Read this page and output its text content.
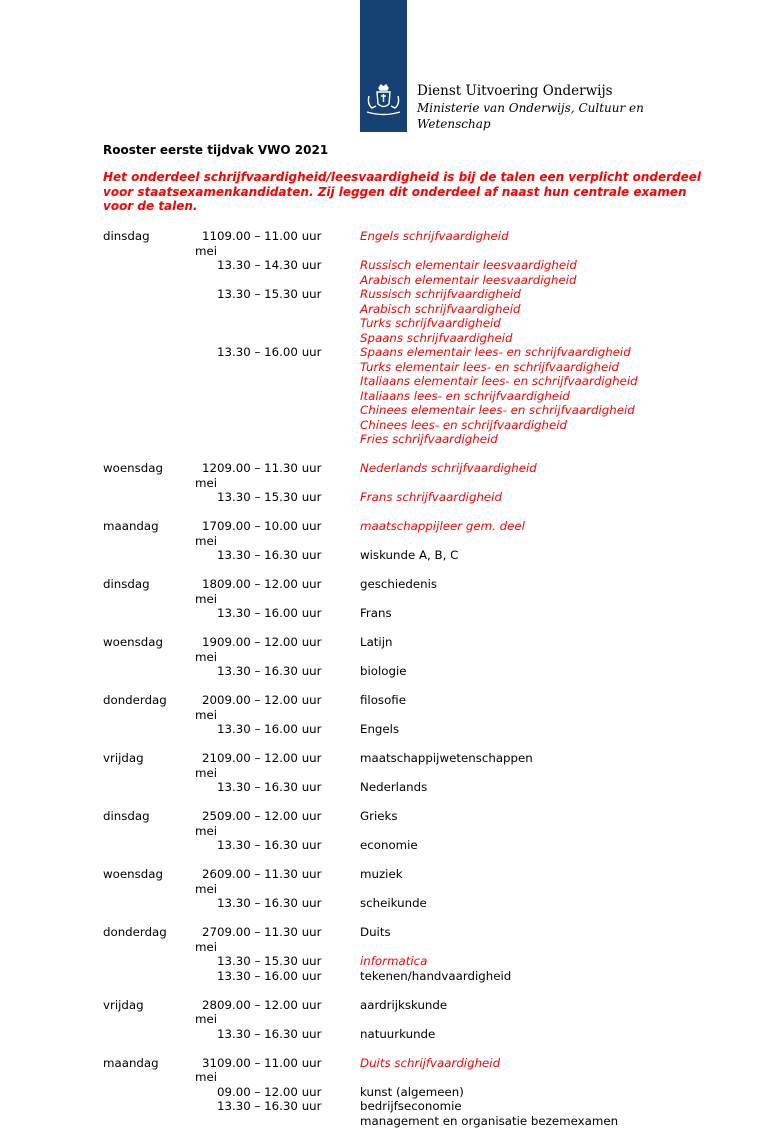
Dienst Uitvoering Onderwijs
Ministerie van Onderwijs, Cultuur en
Wetenschap
Rooster eerste tijdvak VWO 2021
Het onderdeel schrijfvaardigheid/leesvaardigheid is bij de talen een verplicht onderdeel voor staatsexamenkandidaten. Zij leggen dit onderdeel af naast hun centrale examen voor de talen.
dinsdag	11 mei
09.00 – 11.00 uur	Engels schrijfvaardigheid
13.30 – 14.30 uur	Russisch elementair leesvaardigheid
Arabisch elementair leesvaardigheid
13.30 – 15.30 uur	Russisch schrijfvaardigheid
Arabisch schrijfvaardigheid
Turks schrijfvaardigheid
Spaans schrijfvaardigheid
13.30 – 16.00 uur	Spaans elementair lees- en schrijfvaardigheid
Turks elementair lees- en schrijfvaardigheid
Italiaans elementair lees- en schrijfvaardigheid
Italiaans lees- en schrijfvaardigheid
Chinees elementair lees- en schrijfvaardigheid
Chinees lees- en schrijfvaardigheid
Fries schrijfvaardigheid
woensdag	12 mei
09.00 – 11.30 uur	Nederlands schrijfvaardigheid
13.30 – 15.30 uur	Frans schrijfvaardigheid
maandag	17 mei
09.00 – 10.00 uur	maatschappijleer gem. deel
13.30 – 16.30 uur	wiskunde A, B, C
dinsdag	18 mei
09.00 – 12.00 uur	geschiedenis
13.30 – 16.00 uur	Frans
woensdag	19 mei
09.00 – 12.00 uur	Latijn
13.30 – 16.30 uur	biologie
donderdag	20 mei
09.00 – 12.00 uur	filosofie
13.30 – 16.00 uur	Engels
vrijdag	21 mei
09.00 – 12.00 uur	maatschappijwetenschappen
13.30 – 16.30 uur	Nederlands
dinsdag	25 mei
09.00 – 12.00 uur	Grieks
13.30 – 16.30 uur	economie
woensdag	26 mei
09.00 – 11.30 uur	muziek
13.30 – 16.30 uur	scheikunde
donderdag	27 mei
09.00 – 11.30 uur	Duits
13.30 – 15.30 uur	informatica
13.30 – 16.00 uur	tekenen/handvaardigheid
vrijdag	28 mei
09.00 – 12.00 uur	aardrijkskunde
13.30 – 16.30 uur	natuurkunde
maandag	31 mei
09.00 – 11.00 uur	Duits schrijfvaardigheid
09.00 – 12.00 uur	kunst (algemeen)
13.30 – 16.30 uur	bedrijfseconomie
management en organisatie bezemexamen
